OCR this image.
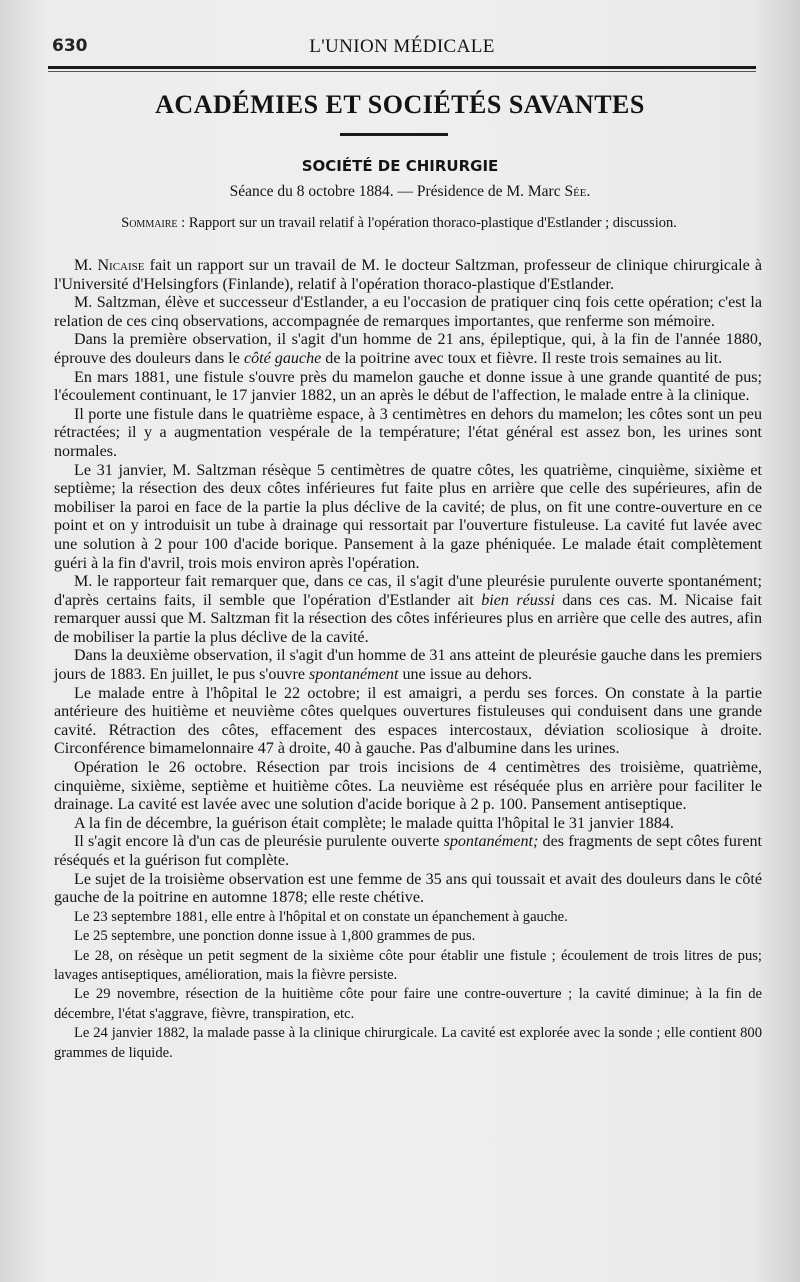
630	L'UNION MÉDICALE
ACADÉMIES ET SOCIÉTÉS SAVANTES
SOCIÉTÉ DE CHIRURGIE
Séance du 8 octobre 1884. — Présidence de M. Marc Sée.
Sommaire : Rapport sur un travail relatif à l'opération thoraco-plastique d'Estlander ; discussion.

M. Nicaise fait un rapport sur un travail de M. le docteur Saltzman, professeur de clinique chirurgicale à l'Université d'Helsingfors (Finlande), relatif à l'opération thoraco-plastique d'Estlander.

M. Saltzman, élève et successeur d'Estlander, a eu l'occasion de pratiquer cinq fois cette opération; c'est la relation de ces cinq observations, accompagnée de remarques importantes, que renferme son mémoire.

Dans la première observation, il s'agit d'un homme de 21 ans, épileptique, qui, à la fin de l'année 1880, éprouve des douleurs dans le côté gauche de la poitrine avec toux et fièvre. Il reste trois semaines au lit.

En mars 1881, une fistule s'ouvre près du mamelon gauche et donne issue à une grande quantité de pus; l'écoulement continuant, le 17 janvier 1882, un an après le début de l'affection, le malade entre à la clinique.

Il porte une fistule dans le quatrième espace, à 3 centimètres en dehors du mamelon; les côtes sont un peu rétractées; il y a augmentation vespérale de la température; l'état général est assez bon, les urines sont normales.

Le 31 janvier, M. Saltzman résèque 5 centimètres de quatre côtes, les quatrième, cinquième, sixième et septième; la résection des deux côtes inférieures fut faite plus en arrière que celle des supérieures, afin de mobiliser la paroi en face de la partie la plus déclive de la cavité; de plus, on fit une contre-ouverture en ce point et on y introduisit un tube à drainage qui ressortait par l'ouverture fistuleuse. La cavité fut lavée avec une solution à 2 pour 100 d'acide borique. Pansement à la gaze phéniquée. Le malade était complètement guéri à la fin d'avril, trois mois environ après l'opération.

M. le rapporteur fait remarquer que, dans ce cas, il s'agit d'une pleurésie purulente ouverte spontanément; d'après certains faits, il semble que l'opération d'Estlander ait bien réussi dans ces cas. M. Nicaise fait remarquer aussi que M. Saltzman fit la résection des côtes inférieures plus en arrière que celle des autres, afin de mobiliser la partie la plus déclive de la cavité.

Dans la deuxième observation, il s'agit d'un homme de 31 ans atteint de pleurésie gauche dans les premiers jours de 1883. En juillet, le pus s'ouvre spontanément une issue au dehors.

Le malade entre à l'hôpital le 22 octobre; il est amaigri, a perdu ses forces. On constate à la partie antérieure des huitième et neuvième côtes quelques ouvertures fistuleuses qui conduisent dans une grande cavité. Rétraction des côtes, effacement des espaces intercostaux, déviation scoliosique à droite. Circonférence bimamelonnaire 47 à droite, 40 à gauche. Pas d'albumine dans les urines.

Opération le 26 octobre. Résection par trois incisions de 4 centimètres des troisième, quatrième, cinquième, sixième, septième et huitième côtes. La neuvième est réséquée plus en arrière pour faciliter le drainage. La cavité est lavée avec une solution d'acide borique à 2 p. 100. Pansement antiseptique.

A la fin de décembre, la guérison était complète; le malade quitta l'hôpital le 31 janvier 1884.

Il s'agit encore là d'un cas de pleurésie purulente ouverte spontanément; des fragments de sept côtes furent réséqués et la guérison fut complète.

Le sujet de la troisième observation est une femme de 35 ans qui toussait et avait des douleurs dans le côté gauche de la poitrine en automne 1878; elle reste chétive.

Le 23 septembre 1881, elle entre à l'hôpital et on constate un épanchement à gauche.

Le 25 septembre, une ponction donne issue à 1,800 grammes de pus.

Le 28, on résèque un petit segment de la sixième côte pour établir une fistule ; écoulement de trois litres de pus; lavages antiseptiques, amélioration, mais la fièvre persiste.

Le 29 novembre, résection de la huitième côte pour faire une contre-ouverture ; la cavité diminue; à la fin de décembre, l'état s'aggrave, fièvre, transpiration, etc.

Le 24 janvier 1882, la malade passe à la clinique chirurgicale. La cavité est explorée avec la sonde ; elle contient 800 grammes de liquide.
